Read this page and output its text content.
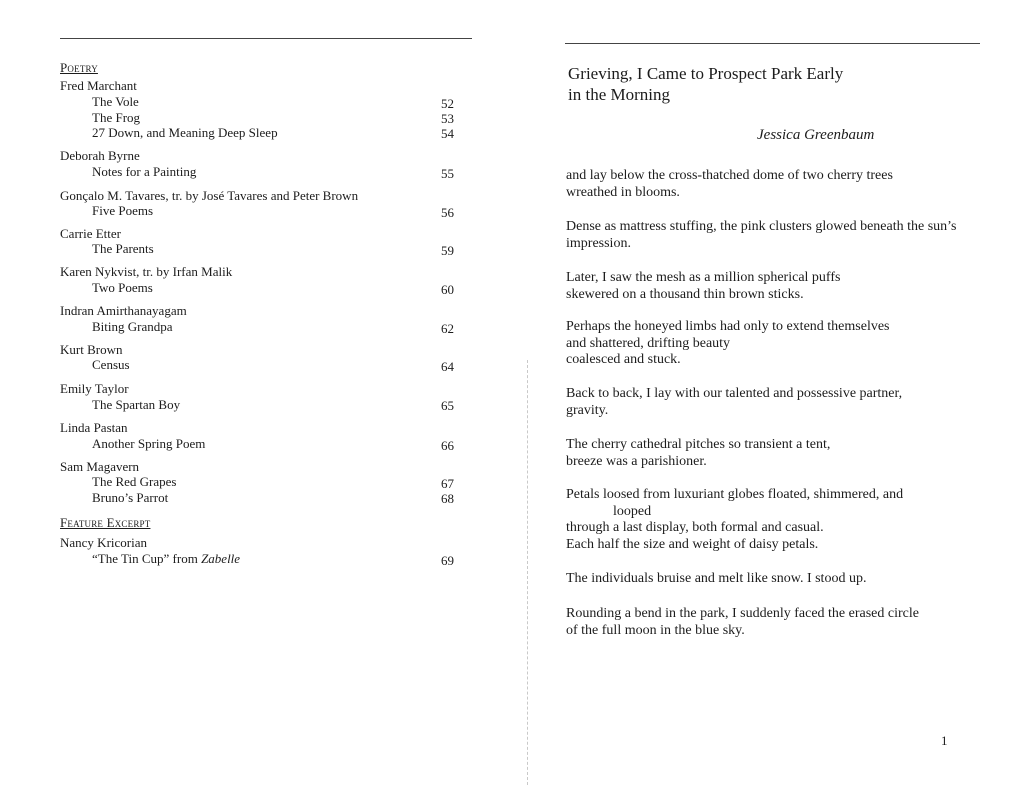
Poetry
Fred Marchant
The Vole	52
The Frog	53
27 Down, and Meaning Deep Sleep	54
Deborah Byrne
Notes for a Painting	55
Gonçalo M. Tavares, tr. by José Tavares and Peter Brown
Five Poems	56
Carrie Etter
The Parents	59
Karen Nykvist, tr. by Irfan Malik
Two Poems	60
Indran Amirthanayagam
Biting Grandpa	62
Kurt Brown
Census	64
Emily Taylor
The Spartan Boy	65
Linda Pastan
Another Spring Poem	66
Sam Magavern
The Red Grapes	67
Bruno’s Parrot	68
Feature Excerpt
Nancy Kricorian
“The Tin Cup” from Zabelle	69
Grieving, I Came to Prospect Park Early
in the Morning
Jessica Greenbaum
and lay below the cross-thatched dome of two cherry trees
wreathed in blooms.
Dense as mattress stuffing, the pink clusters glowed beneath the sun’s
impression.
Later, I saw the mesh as a million spherical puffs
skewered on a thousand thin brown sticks.
Perhaps the honeyed limbs had only to extend themselves
and shattered, drifting beauty
coalesced and stuck.
Back to back, I lay with our talented and possessive partner,
gravity.
The cherry cathedral pitches so transient a tent,
breeze was a parishioner.
Petals loosed from luxuriant globes floated, shimmered, and
looped
through a last display, both formal and casual.
Each half the size and weight of daisy petals.
The individuals bruise and melt like snow. I stood up.
Rounding a bend in the park, I suddenly faced the erased circle
of the full moon in the blue sky.
1
